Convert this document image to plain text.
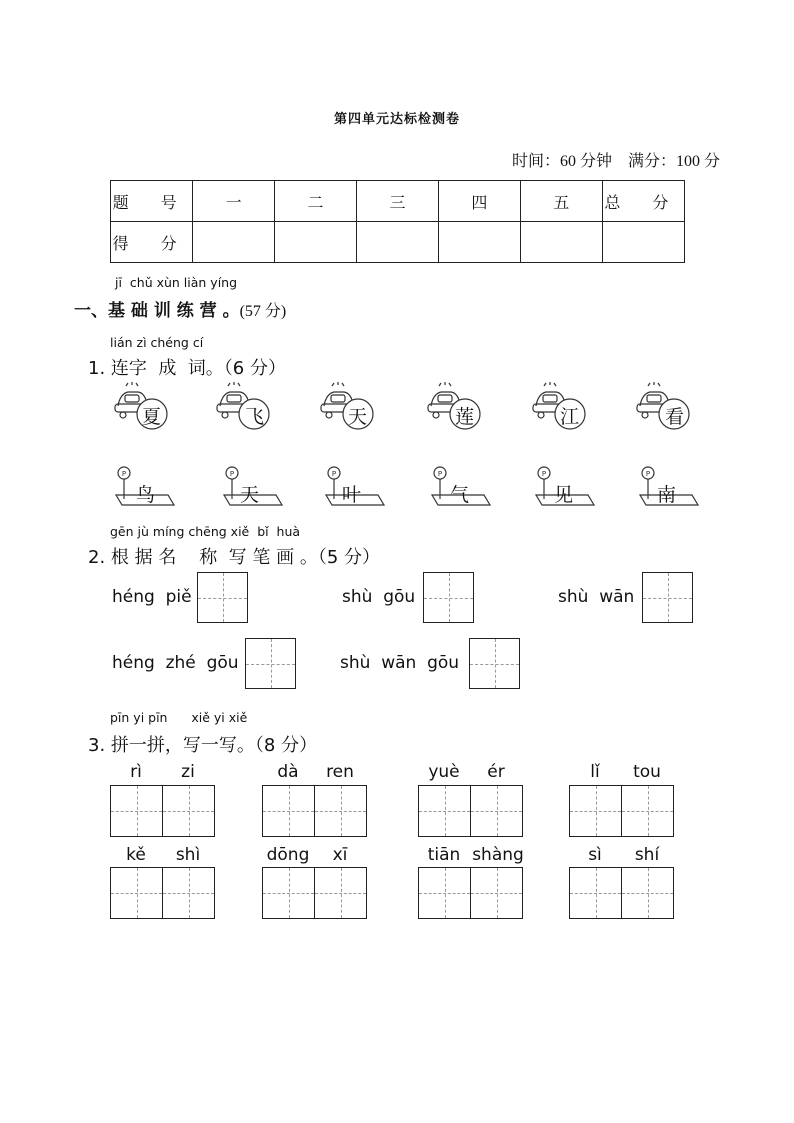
第四单元达标检测卷
时间：60 分钟    满分：100 分
题 号	一	二	三	四	五	总 分
得 分						
jī  chǔ xùn liàn yíng
一、基 础 训 练 营 。(57 分)
lián zì chéng cí
1. 连字  成  词。（6 分）
夏	飞	天	莲	江	看
P
鸟
P
天
P
叶
P
气
P
见
P
南
gēn jù míng chēng xiě  bǐ  huà
2. 根 据 名    称  写 笔 画 。（5 分）
héng  piě	shù  gōu	shù  wān
héng  zhé  gōu	shù  wān  gōu
pīn yi pīn      xiě yi xiě
3. 拼一拼，写一写。（8 分）
rì	zi	dà	ren	yuè	ér	lǐ	tou
kě	shì	dōng	xī	tiān shàng	sì	shí
